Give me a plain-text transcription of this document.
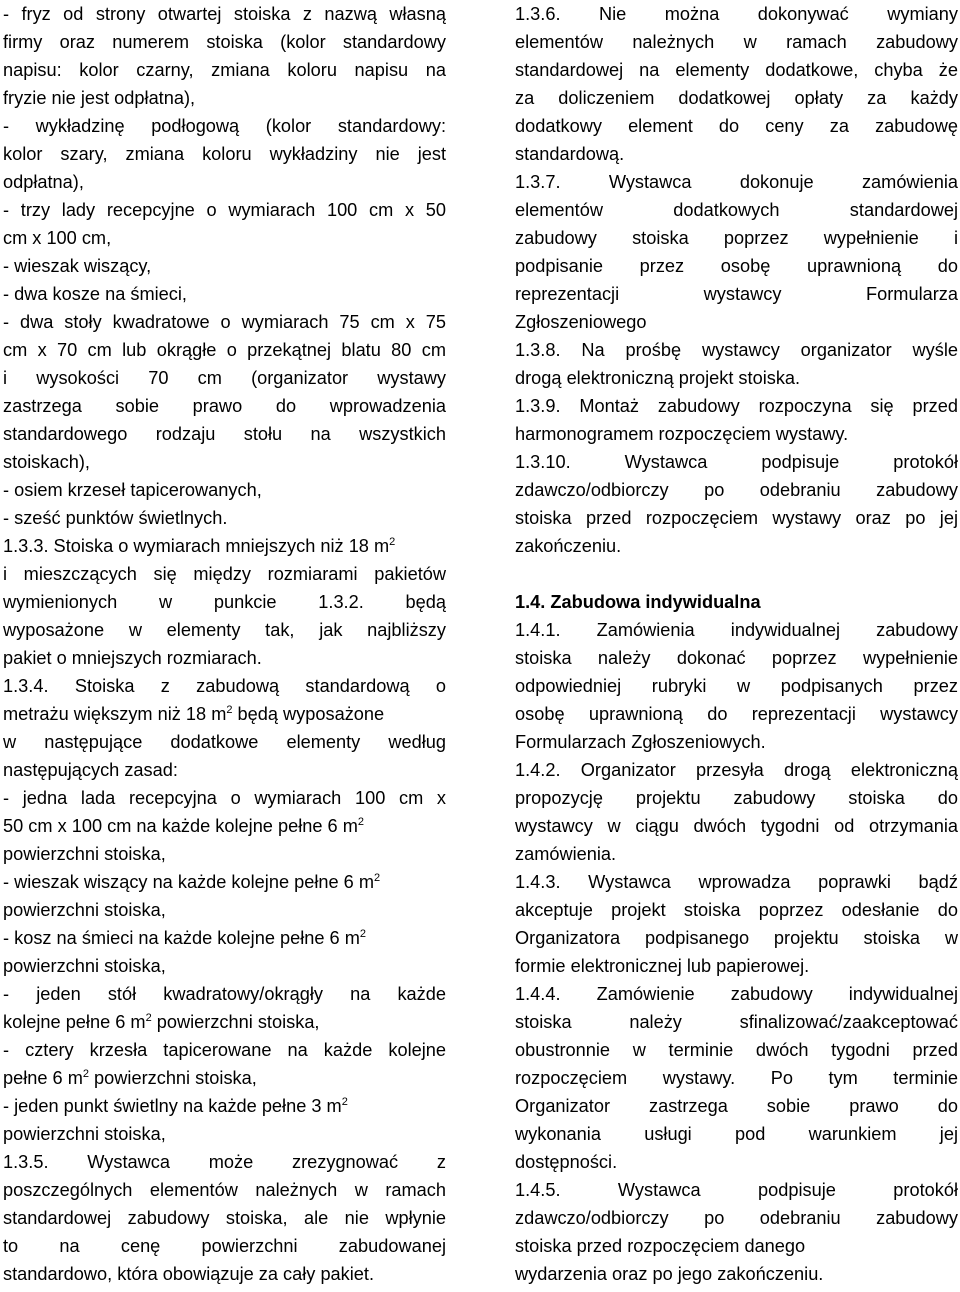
- fryz od strony otwartej stoiska z nazwą własną
firmy oraz numerem stoiska (kolor standardowy
napisu: kolor czarny, zmiana koloru napisu na
fryzie nie jest odpłatna),
- wykładzinę podłogową (kolor standardowy:
kolor szary, zmiana koloru wykładziny nie jest
odpłatna),
- trzy lady recepcyjne o wymiarach 100 cm x 50
cm x 100 cm,
- wieszak wiszący,
- dwa kosze na śmieci,
- dwa stoły kwadratowe o wymiarach 75 cm x 75
cm x 70 cm lub okrągłe o przekątnej blatu 80 cm
i wysokości 70 cm (organizator wystawy
zastrzega sobie prawo do wprowadzenia
standardowego rodzaju stołu na wszystkich
stoiskach),
- osiem krzeseł tapicerowanych,
- sześć punktów świetlnych.
1.3.3. Stoiska o wymiarach mniejszych niż 18 $m^2$
i mieszczących się między rozmiarami pakietów
wymienionych w punkcie 1.3.2. będą
wyposażone w elementy tak, jak najbliższy
pakiet o mniejszych rozmiarach.
1.3.4. Stoiska z zabudową standardową o
metrażu większym niż 18 $m^2$ będą wyposażone
w następujące dodatkowe elementy według
następujących zasad:
- jedna lada recepcyjna o wymiarach 100 cm x
50 cm x 100 cm na każde kolejne pełne 6 $m^2$
powierzchni stoiska,
- wieszak wiszący na każde kolejne pełne 6 $m^2$
powierzchni stoiska,
- kosz na śmieci na każde kolejne pełne 6 $m^2$
powierzchni stoiska,
- jeden stół kwadratowy/okrągły na każde
kolejne pełne 6 $m^2$ powierzchni stoiska,
- cztery krzesła tapicerowane na każde kolejne
pełne 6 $m^2$ powierzchni stoiska,
- jeden punkt świetlny na każde pełne 3 $m^2$
powierzchni stoiska,
1.3.5. Wystawca może zrezygnować z
poszczególnych elementów należnych w ramach
standardowej zabudowy stoiska, ale nie wpłynie
to na cenę powierzchni zabudowanej
standardowo, która obowiązuje za cały pakiet.
1.3.6. Nie można dokonywać wymiany
elementów należnych w ramach zabudowy
standardowej na elementy dodatkowe, chyba że
za doliczeniem dodatkowej opłaty za każdy
dodatkowy element do ceny za zabudowę
standardową.
1.3.7. Wystawca dokonuje zamówienia
elementów dodatkowych standardowej
zabudowy stoiska poprzez wypełnienie i
podpisanie przez osobę uprawnioną do
reprezentacji wystawcy Formularza
Zgłoszeniowego
1.3.8. Na prośbę wystawcy organizator wyśle
drogą elektroniczną projekt stoiska.
1.3.9. Montaż zabudowy rozpoczyna się przed
harmonogramem rozpoczęciem wystawy.
1.3.10. Wystawca podpisuje protokół
zdawczo/odbiorczy po odebraniu zabudowy
stoiska przed rozpoczęciem wystawy oraz po jej
zakończeniu.
1.4. Zabudowa indywidualna
1.4.1. Zamówienia indywidualnej zabudowy
stoiska należy dokonać poprzez wypełnienie
odpowiedniej rubryki w podpisanych przez
osobę uprawnioną do reprezentacji wystawcy
Formularzach Zgłoszeniowych.
1.4.2. Organizator przesyła drogą elektroniczną
propozycję projektu zabudowy stoiska do
wystawcy w ciągu dwóch tygodni od otrzymania
zamówienia.
1.4.3. Wystawca wprowadza poprawki bądź
akceptuje projekt stoiska poprzez odesłanie do
Organizatora podpisanego projektu stoiska w
formie elektronicznej lub papierowej.
1.4.4. Zamówienie zabudowy indywidualnej
stoiska należy sfinalizować/zaakceptować
obustronnie w terminie dwóch tygodni przed
rozpoczęciem wystawy. Po tym terminie
Organizator zastrzega sobie prawo do
wykonania usługi pod warunkiem jej
dostępności.
1.4.5. Wystawca podpisuje protokół
zdawczo/odbiorczy po odebraniu zabudowy
stoiska przed rozpoczęciem danego
wydarzenia oraz po jego zakończeniu.
